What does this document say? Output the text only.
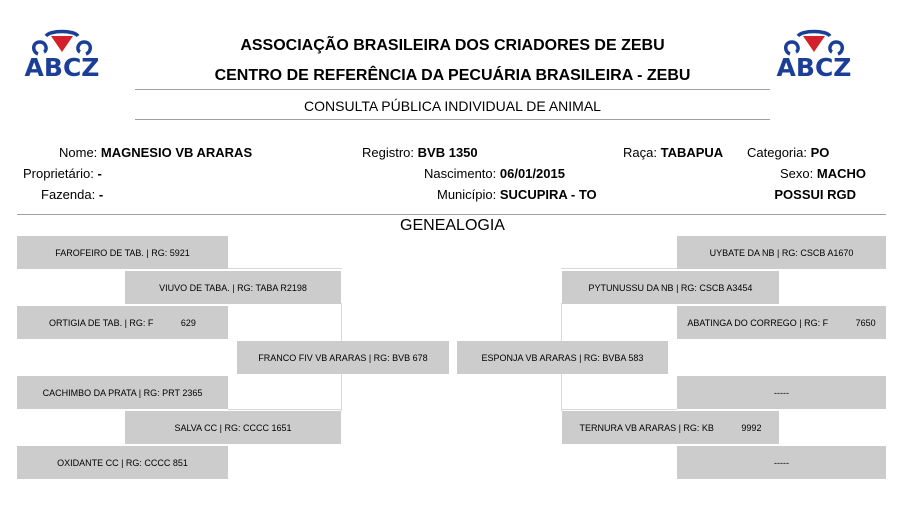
ABCZ	ABCZ
ASSOCIAÇÃO BRASILEIRA DOS CRIADORES DE ZEBU
CENTRO DE REFERÊNCIA DA PECUÁRIA BRASILEIRA - ZEBU
CONSULTA PÚBLICA INDIVIDUAL DE ANIMAL
Nome: MAGNESIO VB ARARAS	Registro: BVB 1350	Raça: TABAPUA Categoria: PO
Proprietário: -	Nascimento: 06/01/2015	Sexo: MACHO
Fazenda: -	Município: SUCUPIRA - TO	POSSUI RGD
GENEALOGIA
FAROFEIRO DE TAB. | RG: 5921
VIUVO DE TABA. | RG: TABA R2198
ORTIGIA DE TAB. | RG: F           629
FRANCO FIV VB ARARAS | RG: BVB 678
CACHIMBO DA PRATA | RG: PRT 2365
SALVA CC | RG: CCCC 1651
OXIDANTE CC | RG: CCCC 851
UYBATE DA NB | RG: CSCB A1670
PYTUNUSSU DA NB | RG: CSCB A3454
ABATINGA DO CORREGO | RG: F           7650
ESPONJA VB ARARAS | RG: BVBA 583
-----
TERNURA VB ARARAS | RG: KB           9992
-----
